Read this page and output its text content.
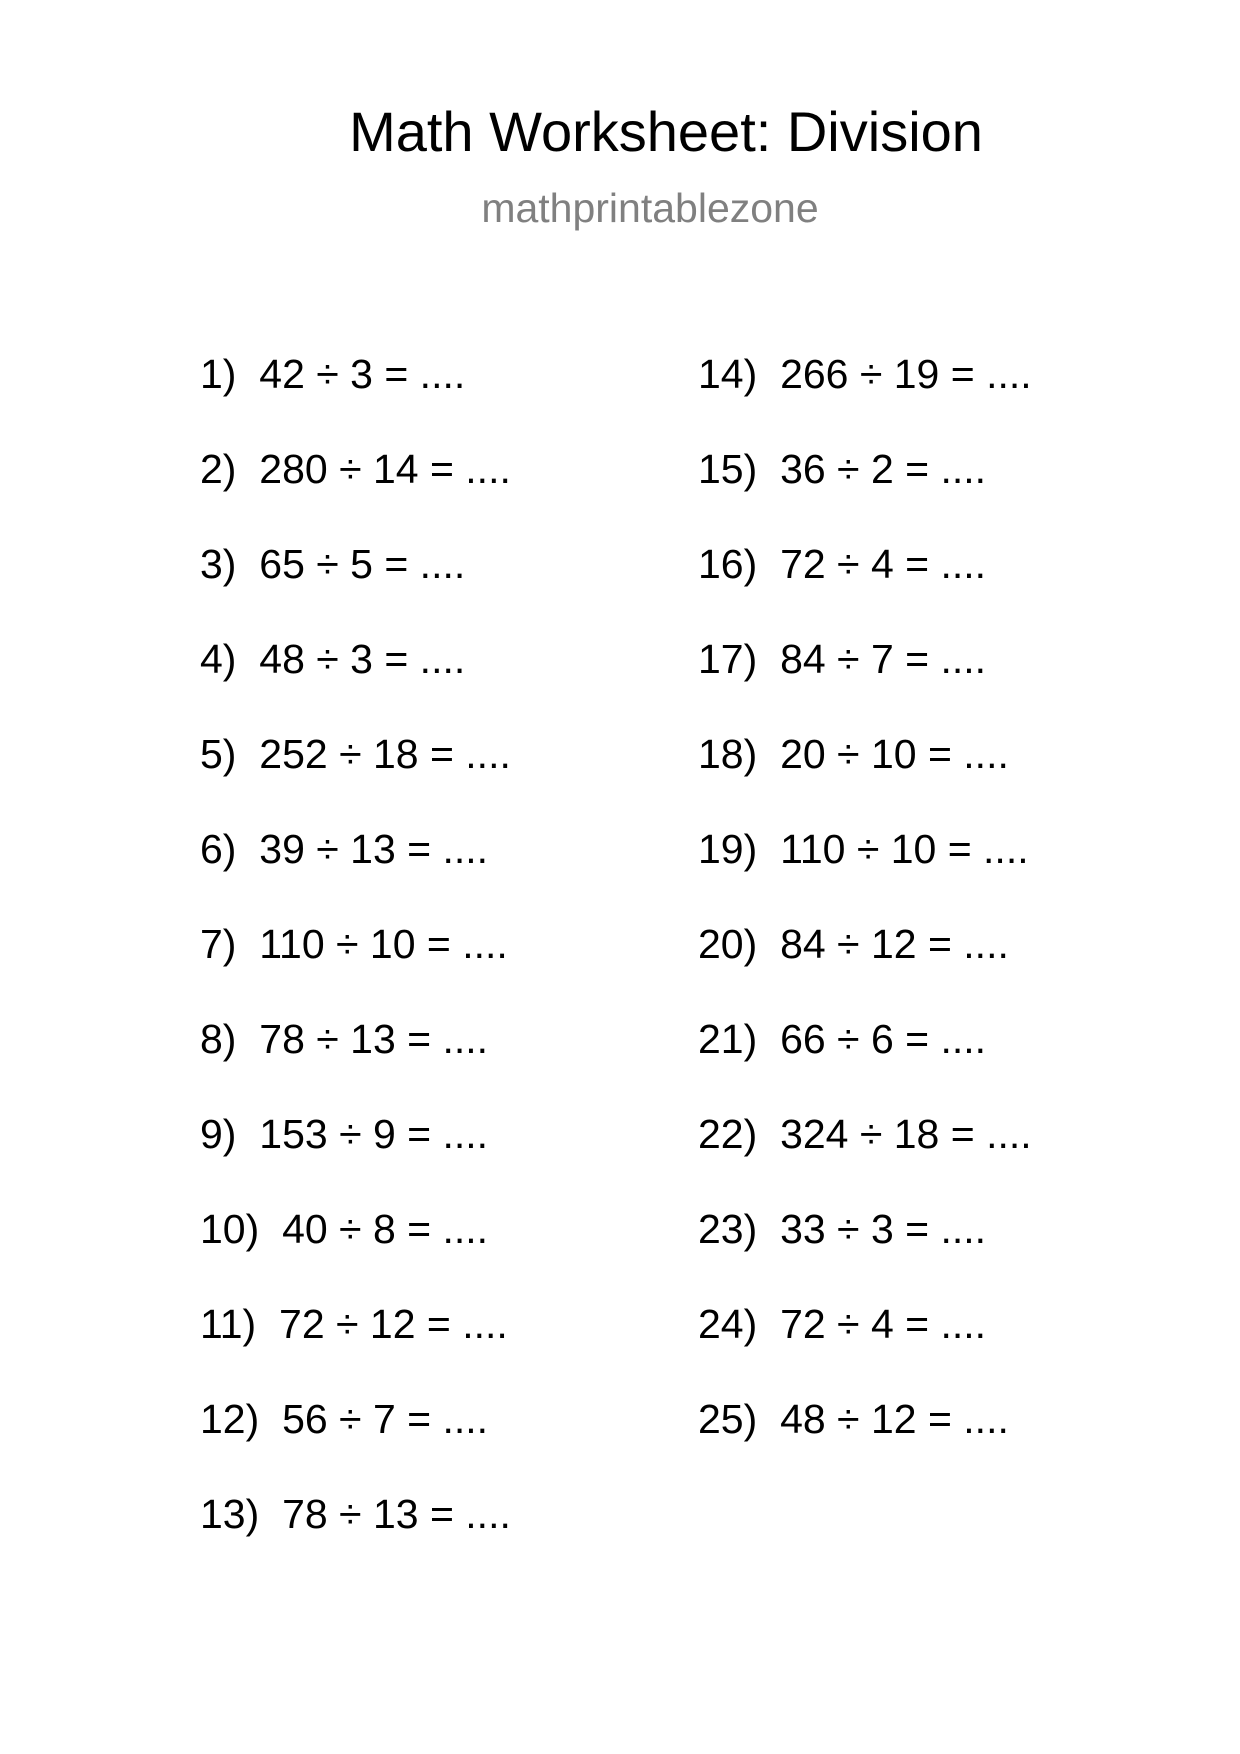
Math Worksheet: Division
mathprintablezone
1) 42 ÷ 3 = ....
2) 280 ÷ 14 = ....
3) 65 ÷ 5 = ....
4) 48 ÷ 3 = ....
5) 252 ÷ 18 = ....
6) 39 ÷ 13 = ....
7) 110 ÷ 10 = ....
8) 78 ÷ 13 = ....
9) 153 ÷ 9 = ....
10) 40 ÷ 8 = ....
11) 72 ÷ 12 = ....
12) 56 ÷ 7 = ....
13) 78 ÷ 13 = ....
14) 266 ÷ 19 = ....
15) 36 ÷ 2 = ....
16) 72 ÷ 4 = ....
17) 84 ÷ 7 = ....
18) 20 ÷ 10 = ....
19) 110 ÷ 10 = ....
20) 84 ÷ 12 = ....
21) 66 ÷ 6 = ....
22) 324 ÷ 18 = ....
23) 33 ÷ 3 = ....
24) 72 ÷ 4 = ....
25) 48 ÷ 12 = ....
